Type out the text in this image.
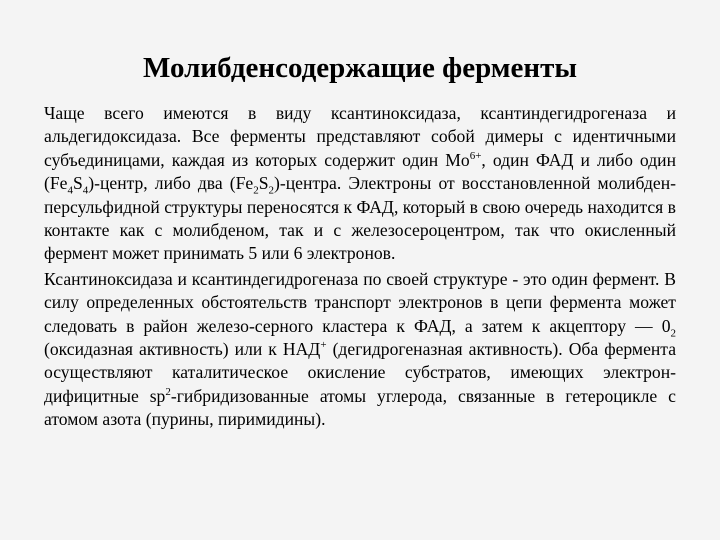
Молибденсодержащие ферменты

Чаще всего имеются в виду ксантиноксидаза, ксантиндегидрогеназа и альдегидоксидаза. Все ферменты представляют собой димеры с идентичными субъединицами, каждая из которых содержит один $Mo^{6+}$, один ФАД и либо один $(Fe_4S_4)$-центр, либо два $(Fe_2S_2)$-центра. Электроны от восстановленной молибден-персульфидной структуры переносятся к ФАД, который в свою очередь находится в контакте как с молибденом, так и с железосероцентром, так что окисленный фермент может принимать 5 или 6 электронов.

Ксантиноксидаза и ксантиндегидрогеназа по своей структуре - это один фермент. В силу определенных обстоятельств транспорт электронов в цепи фермента может следовать в район железо-серного кластера к ФАД, а затем к акцептору — $0_2$ (оксидазная активность) или к НАД+ (дегидрогеназная активность). Оба фермента осуществляют каталитическое окисление субстратов, имеющих электрон-дифицитные $sp^2$-гибридизованные атомы углерода, связанные в гетероцикле с атомом азота (пурины, пиримидины).
